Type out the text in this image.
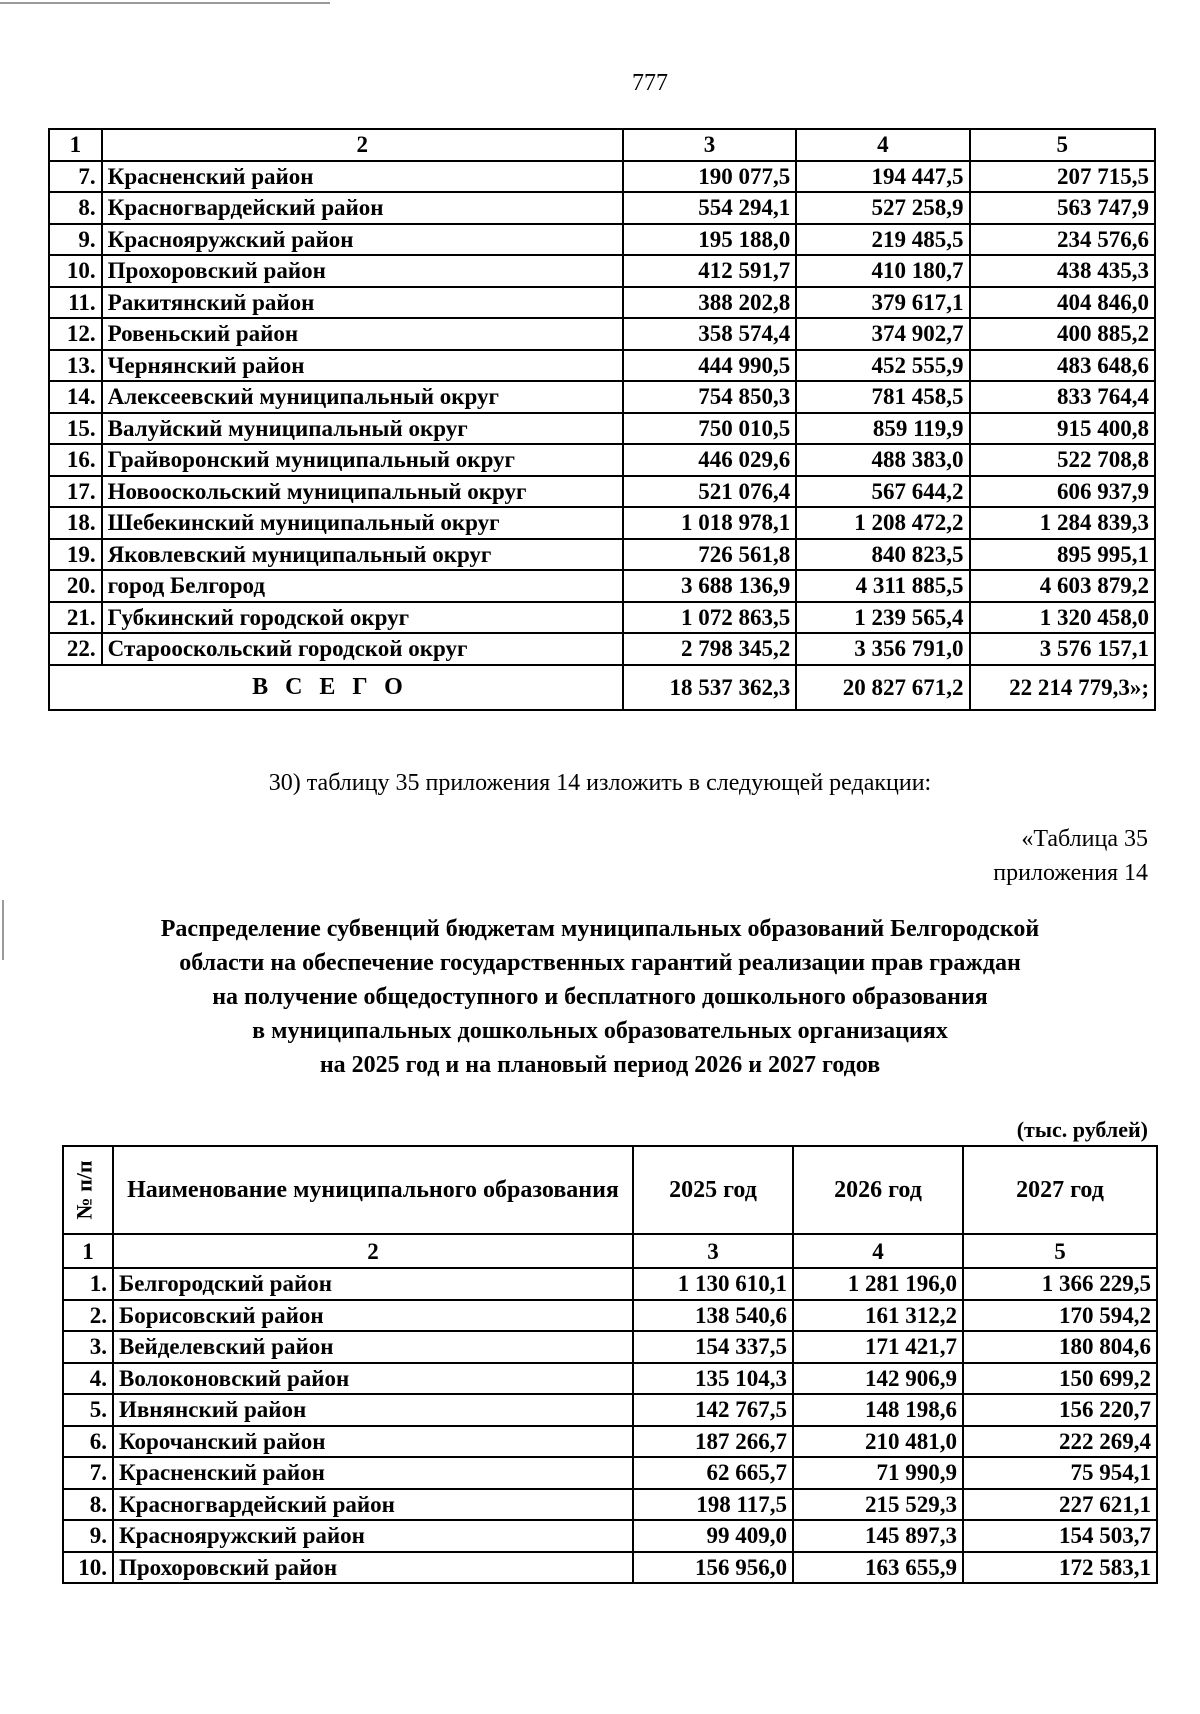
777
1	2	3	4	5
7.	Красненский район	190 077,5	194 447,5	207 715,5
8.	Красногвардейский район	554 294,1	527 258,9	563 747,9
9.	Краснояружский район	195 188,0	219 485,5	234 576,6
10.	Прохоровский район	412 591,7	410 180,7	438 435,3
11.	Ракитянский район	388 202,8	379 617,1	404 846,0
12.	Ровеньский район	358 574,4	374 902,7	400 885,2
13.	Чернянский район	444 990,5	452 555,9	483 648,6
14.	Алексеевский муниципальный округ	754 850,3	781 458,5	833 764,4
15.	Валуйский муниципальный округ	750 010,5	859 119,9	915 400,8
16.	Грайворонский муниципальный округ	446 029,6	488 383,0	522 708,8
17.	Новооскольский муниципальный округ	521 076,4	567 644,2	606 937,9
18.	Шебекинский муниципальный округ	1 018 978,1	1 208 472,2	1 284 839,3
19.	Яковлевский муниципальный округ	726 561,8	840 823,5	895 995,1
20.	город Белгород	3 688 136,9	4 311 885,5	4 603 879,2
21.	Губкинский городской округ	1 072 863,5	1 239 565,4	1 320 458,0
22.	Старооскольский городской округ	2 798 345,2	3 356 791,0	3 576 157,1
ВСЕГО		18 537 362,3	20 827 671,2	22 214 779,3»;
30) таблицу 35 приложения 14 изложить в следующей редакции:
«Таблица 35
приложения 14
Распределение субвенций бюджетам муниципальных образований Белгородской
области на обеспечение государственных гарантий реализации прав граждан
на получение общедоступного и бесплатного дошкольного образования
в муниципальных дошкольных образовательных организациях
на 2025 год и на плановый период 2026 и 2027 годов
(тыс. рублей)
№ п/п	Наименование муниципального образования	2025 год	2026 год	2027 год
1	2	3	4	5
1.	Белгородский район	1 130 610,1	1 281 196,0	1 366 229,5
2.	Борисовский район	138 540,6	161 312,2	170 594,2
3.	Вейделевский район	154 337,5	171 421,7	180 804,6
4.	Волоконовский район	135 104,3	142 906,9	150 699,2
5.	Ивнянский район	142 767,5	148 198,6	156 220,7
6.	Корочанский район	187 266,7	210 481,0	222 269,4
7.	Красненский район	62 665,7	71 990,9	75 954,1
8.	Красногвардейский район	198 117,5	215 529,3	227 621,1
9.	Краснояружский район	99 409,0	145 897,3	154 503,7
10.	Прохоровский район	156 956,0	163 655,9	172 583,1
